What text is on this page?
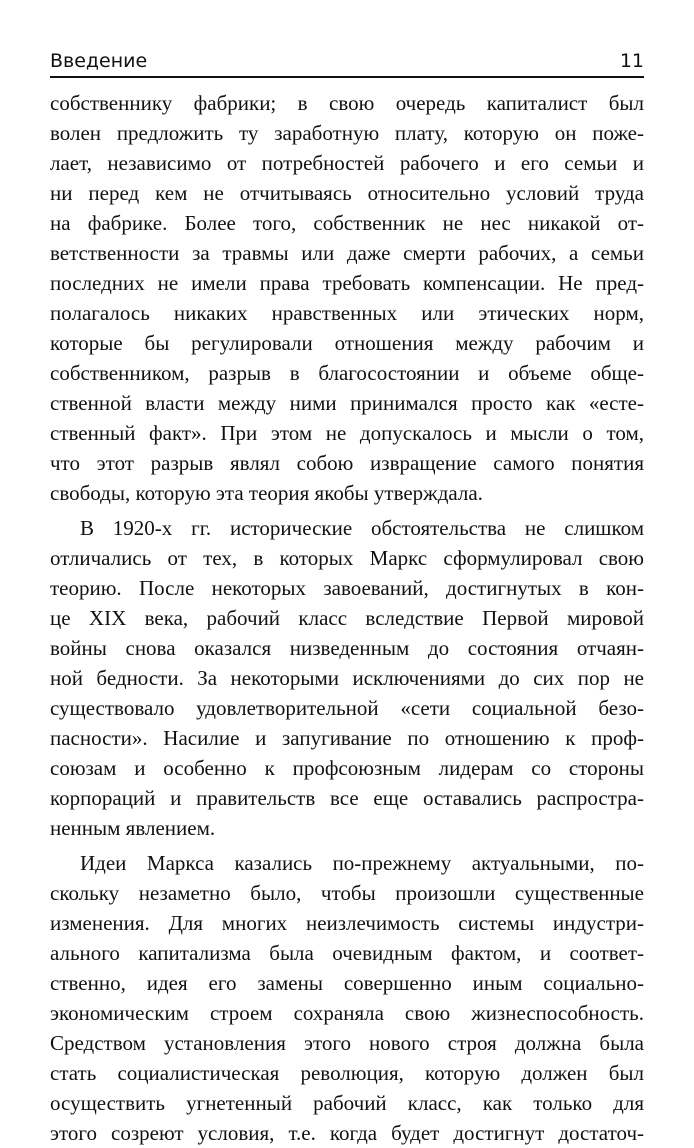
Введение	11
собственнику фабрики; в свою очередь капиталист был
волен предложить ту заработную плату, которую он поже-
лает, независимо от потребностей рабочего и его семьи и
ни перед кем не отчитываясь относительно условий труда
на фабрике. Более того, собственник не нес никакой от-
ветственности за травмы или даже смерти рабочих, а семьи
последних не имели права требовать компенсации. Не пред-
полагалось никаких нравственных или этических норм,
которые бы регулировали отношения между рабочим и
собственником, разрыв в благосостоянии и объеме обще-
ственной власти между ними принимался просто как «есте-
ственный факт». При этом не допускалось и мысли о том,
что этот разрыв являл собою извращение самого понятия
свободы, которую эта теория якобы утверждала.
В 1920-х гг. исторические обстоятельства не слишком
отличались от тех, в которых Маркс сформулировал свою
теорию. После некоторых завоеваний, достигнутых в кон-
це XIX века, рабочий класс вследствие Первой мировой
войны снова оказался низведенным до состояния отчаян-
ной бедности. За некоторыми исключениями до сих пор не
существовало удовлетворительной «сети социальной безо-
пасности». Насилие и запугивание по отношению к проф-
союзам и особенно к профсоюзным лидерам со стороны
корпораций и правительств все еще оставались распростра-
ненным явлением.
Идеи Маркса казались по-прежнему актуальными, по-
скольку незаметно было, чтобы произошли существенные
изменения. Для многих неизлечимость системы индустри-
ального капитализма была очевидным фактом, и соответ-
ственно, идея его замены совершенно иным социально-
экономическим строем сохраняла свою жизнеспособность.
Средством установления этого нового строя должна была
стать социалистическая революция, которую должен был
осуществить угнетенный рабочий класс, как только для
этого созреют условия, т.е. когда будет достигнут достаточ-
